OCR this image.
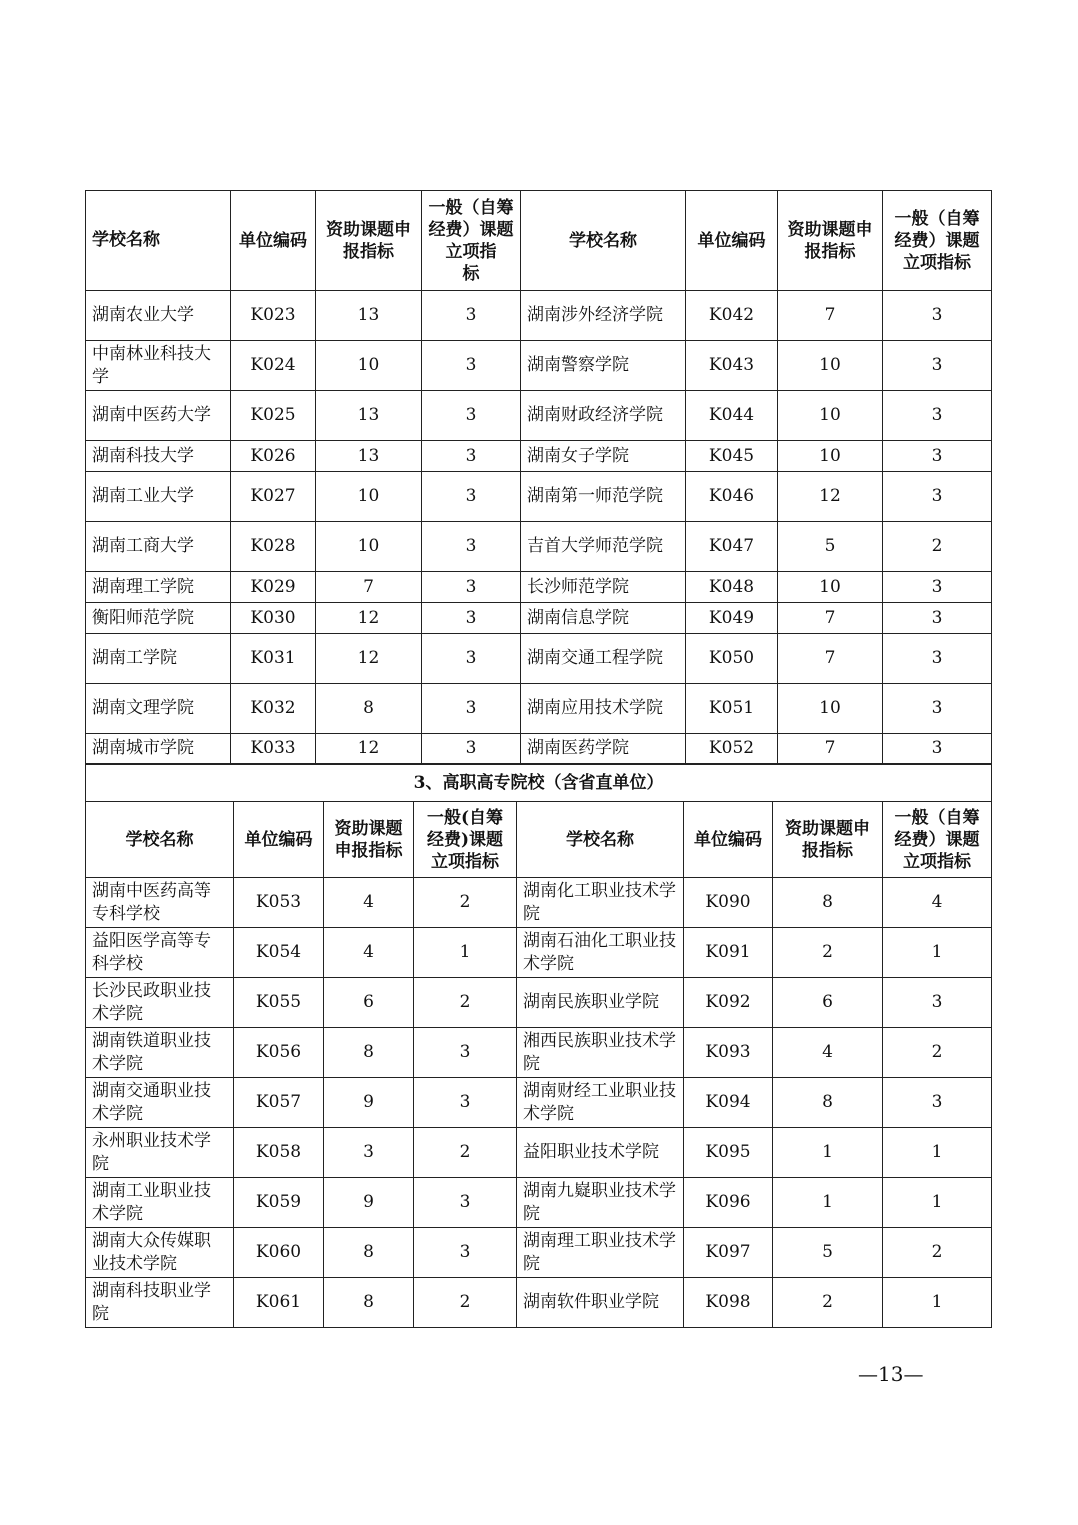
学校名称	单位编码	资助课题申报指标	一般（自筹经费）课题立项指　　标	学校名称	单位编码	资助课题申报指标	一般（自筹经费）课题立项指标
湖南农业大学	K023	13	3	湖南涉外经济学院	K042	7	3
中南林业科技大学	K024	10	3	湖南警察学院	K043	10	3
湖南中医药大学	K025	13	3	湖南财政经济学院	K044	10	3
湖南科技大学	K026	13	3	湖南女子学院	K045	10	3
湖南工业大学	K027	10	3	湖南第一师范学院	K046	12	3
湖南工商大学	K028	10	3	吉首大学师范学院	K047	5	2
湖南理工学院	K029	7	3	长沙师范学院	K048	10	3
衡阳师范学院	K030	12	3	湖南信息学院	K049	7	3
湖南工学院	K031	12	3	湖南交通工程学院	K050	7	3
湖南文理学院	K032	8	3	湖南应用技术学院	K051	10	3
湖南城市学院	K033	12	3	湖南医药学院	K052	7	3
3、高职高专院校（含省直单位）							
学校名称	单位编码	资助课题申报指标	一般(自筹经费)课题立项指标	学校名称	单位编码	资助课题申报指标	一般（自筹经费）课题立项指标
湖南中医药高等专科学校	K053	4	2	湖南化工职业技术学院	K090	8	4
益阳医学高等专科学校	K054	4	1	湖南石油化工职业技术学院	K091	2	1
长沙民政职业技术学院	K055	6	2	湖南民族职业学院	K092	6	3
湖南铁道职业技术学院	K056	8	3	湘西民族职业技术学院	K093	4	2
湖南交通职业技术学院	K057	9	3	湖南财经工业职业技术学院	K094	8	3
永州职业技术学院	K058	3	2	益阳职业技术学院	K095	1	1
湖南工业职业技术学院	K059	9	3	湖南九嶷职业技术学院	K096	1	1
湖南大众传媒职业技术学院	K060	8	3	湖南理工职业技术学院	K097	5	2
湖南科技职业学院	K061	8	2	湖南软件职业学院	K098	2	1
—13—
